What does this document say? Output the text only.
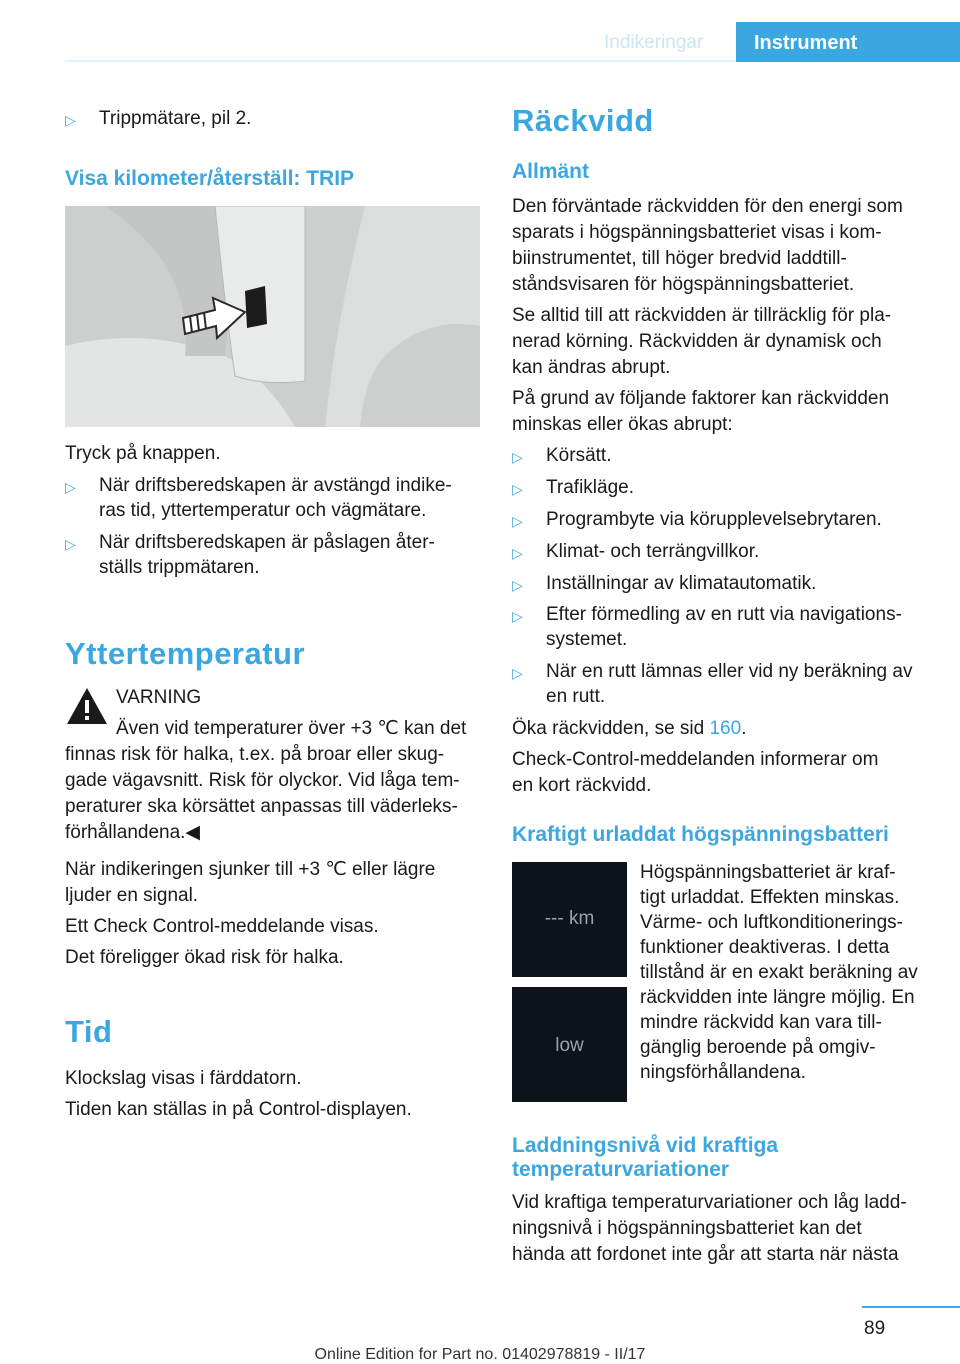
Indikeringar	Instrument
▷	Trippmätare, pil 2.
Visa kilometer/återställ: TRIP
Tryck på knappen.
▷	När driftsberedskapen är avstängd indike-
ras tid, yttertemperatur och vägmätare.
▷	När driftsberedskapen är påslagen åter-
ställs trippmätaren.
Yttertemperatur
VARNING
Även vid temperaturer över +3 ℃ kan det
finnas risk för halka, t.ex. på broar eller skug-
gade vägavsnitt. Risk för olyckor. Vid låga tem-
peraturer ska körsättet anpassas till väderleks-
förhållandena.◀
När indikeringen sjunker till +3 ℃ eller lägre
ljuder en signal.
Ett Check Control-meddelande visas.
Det föreligger ökad risk för halka.
Tid
Klockslag visas i färddatorn.
Tiden kan ställas in på Control-displayen.
Räckvidd
Allmänt
Den förväntade räckvidden för den energi som
sparats i högspänningsbatteriet visas i kom-
biinstrumentet, till höger bredvid laddtill-
ståndsvisaren för högspänningsbatteriet.
Se alltid till att räckvidden är tillräcklig för pla-
nerad körning. Räckvidden är dynamisk och
kan ändras abrupt.
På grund av följande faktorer kan räckvidden
minskas eller ökas abrupt:
▷	Körsätt.
▷	Trafikläge.
▷	Programbyte via körupplevelsebrytaren.
▷	Klimat- och terrängvillkor.
▷	Inställningar av klimatautomatik.
▷	Efter förmedling av en rutt via navigations-
systemet.
▷	När en rutt lämnas eller vid ny beräkning av
en rutt.
Öka räckvidden, se sid 160.
Check-Control-meddelanden informerar om
en kort räckvidd.
Kraftigt urladdat högspänningsbatteri
--- km
low
Högspänningsbatteriet är kraf-
tigt urladdat. Effekten minskas.
Värme- och luftkonditionerings-
funktioner deaktiveras. I detta
tillstånd är en exakt beräkning av
räckvidden inte längre möjlig. En
mindre räckvidd kan vara till-
gänglig beroende på omgiv-
ningsförhållandena.
Laddningsnivå vid kraftiga
temperaturvariationer
Vid kraftiga temperaturvariationer och låg ladd-
ningsnivå i högspänningsbatteriet kan det
hända att fordonet inte går att starta när nästa
89
Online Edition for Part no. 01402978819 - II/17
